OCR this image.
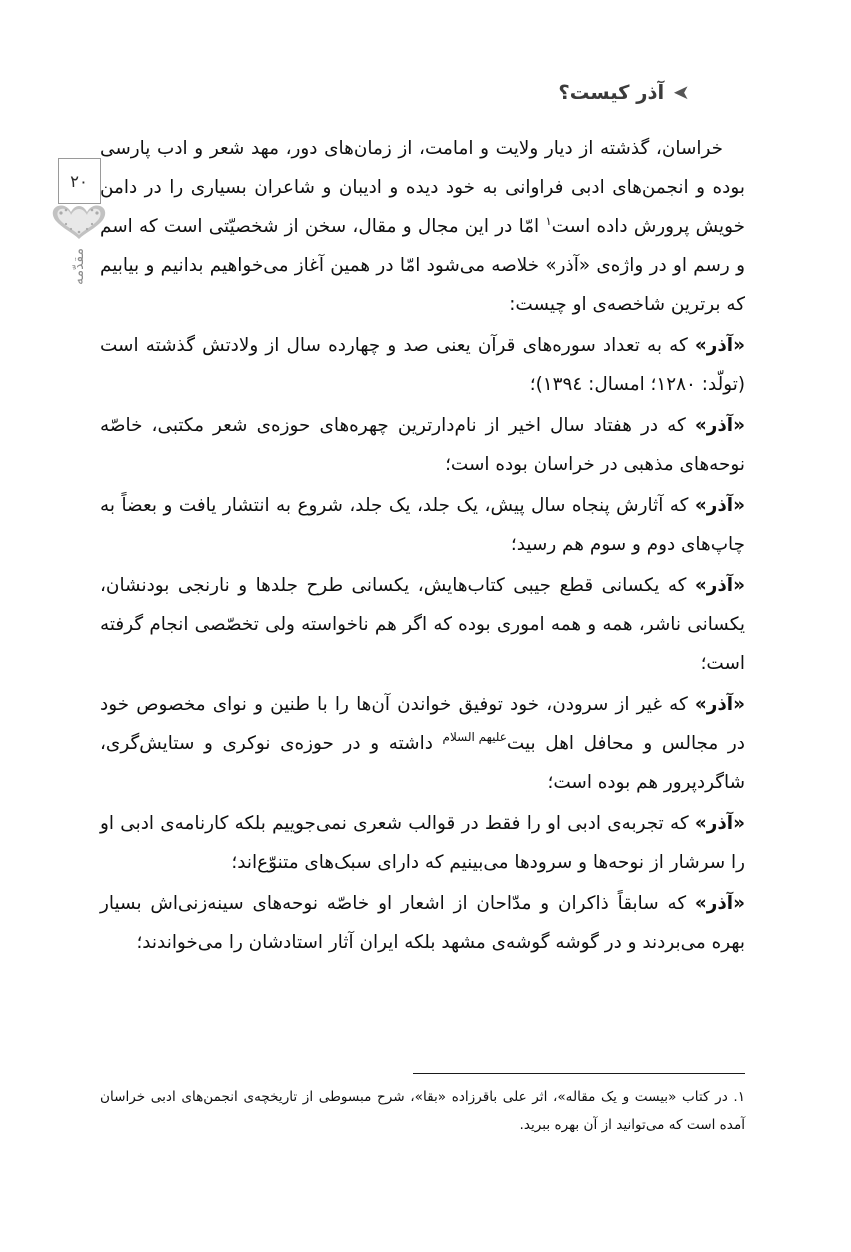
۲۰
مقدّمه
➤
آذر کیست؟

خراسان، گذشته از دیار ولایت و امامت، از زمان‌های دور، مهد شعر و ادب پارسی بوده و انجمن‌های ادبی فراوانی به خود دیده و ادیبان و شاعران بسیاری را در دامن خویش پرورش داده است$^۱$ امّا در این مجال و مقال، سخن از شخصیّتی است که اسم و رسم او در واژه‌ی «آذر» خلاصه می‌شود امّا در همین آغاز می‌خواهیم بدانیم و بیابیم که برترین شاخصه‌ی او چیست:

«آذر» که به تعداد سوره‌های قرآن یعنی صد و چهارده سال از ولادتش گذشته است (تولّد: ۱۲۸۰؛ امسال: ۱۳۹٤)؛

«آذر» که در هفتاد سال اخیر از نام‌دارترین چهره‌های حوزه‌ی شعر مکتبی، خاصّه نوحه‌های مذهبی در خراسان بوده است؛

«آذر» که آثارش پنجاه سال پیش، یک جلد، یک جلد، شروع به انتشار یافت و بعضاً به چاپ‌های دوم و سوم هم رسید؛

«آذر» که یکسانی قطع جیبی کتاب‌هایش، یکسانی طرح جلدها و نارنجی بودنشان، یکسانی ناشر، همه و همه اموری بوده که اگر هم ناخواسته ولی تخصّصی انجام گرفته است؛

«آذر» که غیر از سرودن، خود توفیق خواندن آن‌ها را با طنین و نوای مخصوص خود در مجالس و محافل اهل بیتعلیهم السلام داشته و در حوزه‌ی نوکری و ستایش‌گری، شاگردپرور هم بوده است؛

«آذر» که تجربه‌ی ادبی او را فقط در قوالب شعری نمی‌جوییم بلکه کارنامه‌ی ادبی او را سرشار از نوحه‌ها و سرودها می‌بینیم که دارای سبک‌های متنوّع‌اند؛

«آذر» که سابقاً ذاکران و مدّاحان از اشعار او خاصّه نوحه‌های سینه‌زنی‌اش بسیار بهره می‌بردند و در گوشه گوشه‌ی مشهد بلکه ایران آثار استادشان را می‌خواندند؛

۱. در کتاب «بیست و یک مقاله»، اثر علی باقرزاده «بقا»، شرح مبسوطی از تاریخچه‌ی انجمن‌های ادبی خراسان آمده است که می‌توانید از آن بهره ببرید.
